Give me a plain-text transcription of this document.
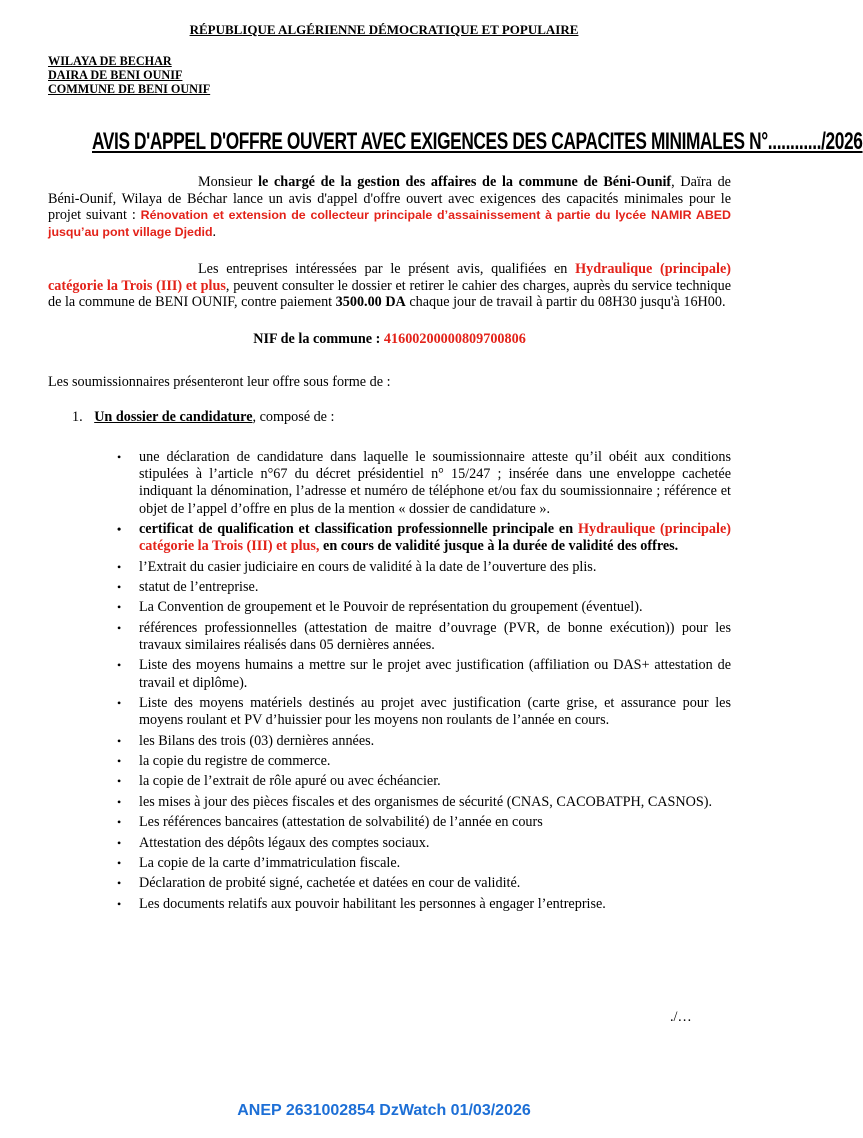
RÉPUBLIQUE ALGÉRIENNE DÉMOCRATIQUE ET POPULAIRE
WILAYA DE BECHAR
DAIRA DE BENI OUNIF
COMMUNE DE BENI OUNIF
AVIS D'APPEL D'OFFRE OUVERT AVEC EXIGENCES DES CAPACITES MINIMALES N°............/2026
Monsieur le chargé de la gestion des affaires de la commune de Béni-Ounif, Daïra de Béni-Ounif, Wilaya de Béchar lance un avis d'appel d'offre ouvert avec exigences des capacités minimales pour le projet suivant : Rénovation et extension de collecteur principale d’assainissement à partie du lycée NAMIR ABED jusqu’au pont village Djedid.
Les entreprises intéressées par le présent avis, qualifiées en Hydraulique (principale) catégorie la Trois (III) et plus, peuvent consulter le dossier et retirer le cahier des charges, auprès du service technique de la commune de BENI OUNIF, contre paiement 3500.00 DA chaque jour de travail à partir du 08H30 jusqu'à 16H00.
NIF de la commune : 41600200000809700806
Les soumissionnaires présenteront leur offre sous forme de :
1. Un dossier de candidature, composé de :
• une déclaration de candidature dans laquelle le soumissionnaire atteste qu’il obéit aux conditions stipulées à l’article n°67 du décret présidentiel n° 15/247 ; insérée dans une enveloppe cachetée indiquant la dénomination, l’adresse et numéro de téléphone et/ou fax du soumissionnaire ; référence et objet de l’appel d’offre en plus de la mention « dossier de candidature ».
• certificat de qualification et classification professionnelle principale en Hydraulique (principale) catégorie la Trois (III) et plus, en cours de validité jusque à la durée de validité des offres.
• l’Extrait du casier judiciaire en cours de validité à la date de l’ouverture des plis.
• statut de l’entreprise.
• La Convention de groupement et le Pouvoir de représentation du groupement (éventuel).
• références professionnelles (attestation de maitre d’ouvrage (PVR, de bonne exécution)) pour les travaux similaires réalisés dans 05 dernières années.
• Liste des moyens humains a mettre sur le projet avec justification (affiliation ou DAS+ attestation de travail et diplôme).
• Liste des moyens matériels destinés au projet avec justification (carte grise, et assurance pour les moyens roulant et PV d’huissier pour les moyens non roulants de l’année en cours.
• les Bilans des trois (03) dernières années.
• la copie du registre de commerce.
• la copie de l’extrait de rôle apuré ou avec échéancier.
• les mises à jour des pièces fiscales et des organismes de sécurité (CNAS, CACOBATPH, CASNOS).
• Les références bancaires (attestation de solvabilité) de l’année en cours
• Attestation des dépôts légaux des comptes sociaux.
• La copie de la carte d’immatriculation fiscale.
• Déclaration de probité signé, cachetée et datées en cour de validité.
• Les documents relatifs aux pouvoir habilitant les personnes à engager l’entreprise.
./…
ANEP 2631002854 DzWatch 01/03/2026
